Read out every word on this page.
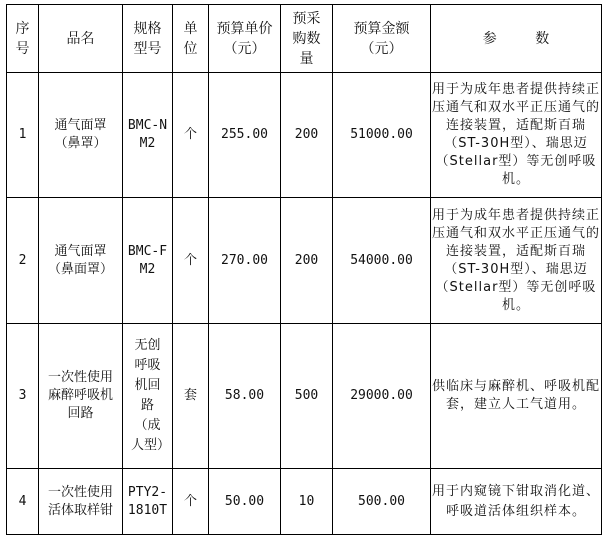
序号	品名	规格型号	单位	预算单价（元）	预采购数量	预算金额（元）	参 数
1	通气面罩（鼻罩）	BMC-NM2	个	255.00	200	51000.00	用于为成年患者提供持续正压通气和双水平正压通气的连接装置，适配斯百瑞（ST-30H型）、瑞思迈（Stellar型）等无创呼吸机。
2	通气面罩（鼻面罩）	BMC-FM2	个	270.00	200	54000.00	用于为成年患者提供持续正压通气和双水平正压通气的连接装置，适配斯百瑞（ST-30H型）、瑞思迈（Stellar型）等无创呼吸机。
3	一次性使用麻醉呼吸机回路	无创呼吸机回路（成人型）	套	58.00	500	29000.00	供临床与麻醉机、呼吸机配套，建立人工气道用。
4	一次性使用活体取样钳	PTY2-1810T	个	50.00	10	500.00	用于内窥镜下钳取消化道、呼吸道活体组织样本。
